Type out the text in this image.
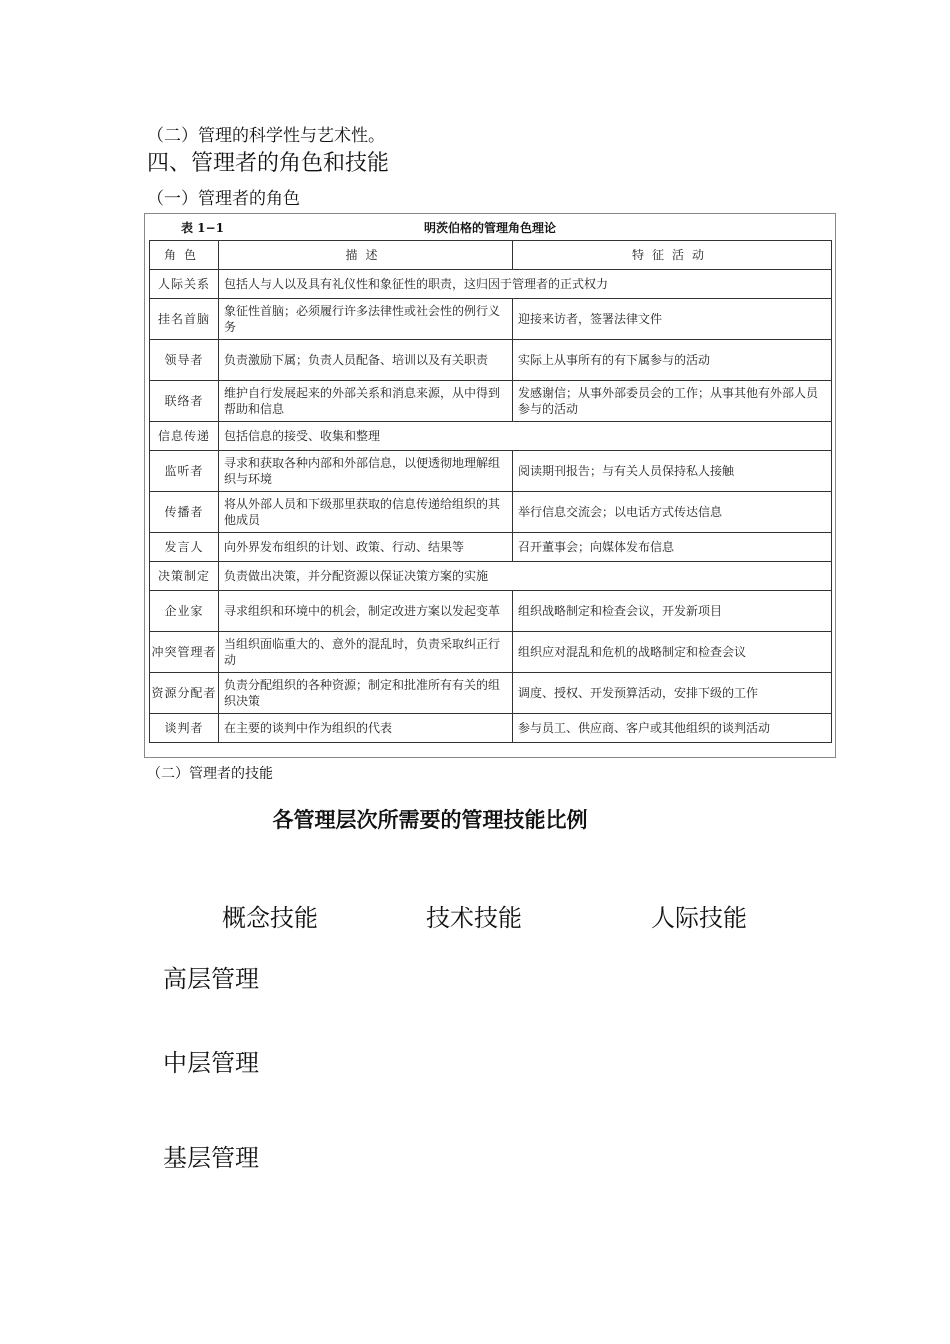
（二）管理的科学性与艺术性。
四、管理者的角色和技能
（一）管理者的角色
表 1−1	明茨伯格的管理角色理论
角色	描述	特征活动
人际关系	包括人与人以及具有礼仪性和象征性的职责，这归因于管理者的正式权力	
挂名首脑	象征性首脑；必须履行许多法律性或社会性的例行义务	迎接来访者，签署法律文件
领导者	负责激励下属；负责人员配备、培训以及有关职责	实际上从事所有的有下属参与的活动
联络者	维护自行发展起来的外部关系和消息来源，从中得到帮助和信息	发感谢信；从事外部委员会的工作；从事其他有外部人员参与的活动
信息传递	包括信息的接受、收集和整理	
监听者	寻求和获取各种内部和外部信息，以便透彻地理解组织与环境	阅读期刊报告；与有关人员保持私人接触
传播者	将从外部人员和下级那里获取的信息传递给组织的其他成员	举行信息交流会；以电话方式传达信息
发言人	向外界发布组织的计划、政策、行动、结果等	召开董事会；向媒体发布信息
决策制定	负责做出决策，并分配资源以保证决策方案的实施	
企业家	寻求组织和环境中的机会，制定改进方案以发起变革	组织战略制定和检查会议，开发新项目
冲突管理者	当组织面临重大的、意外的混乱时，负责采取纠正行动	组织应对混乱和危机的战略制定和检查会议
资源分配者	负责分配组织的各种资源；制定和批准所有有关的组织决策	调度、授权、开发预算活动，安排下级的工作
谈判者	在主要的谈判中作为组织的代表	参与员工、供应商、客户或其他组织的谈判活动
（二）管理者的技能
各管理层次所需要的管理技能比例
概念技能	技术技能	人际技能
高层管理
中层管理
基层管理
